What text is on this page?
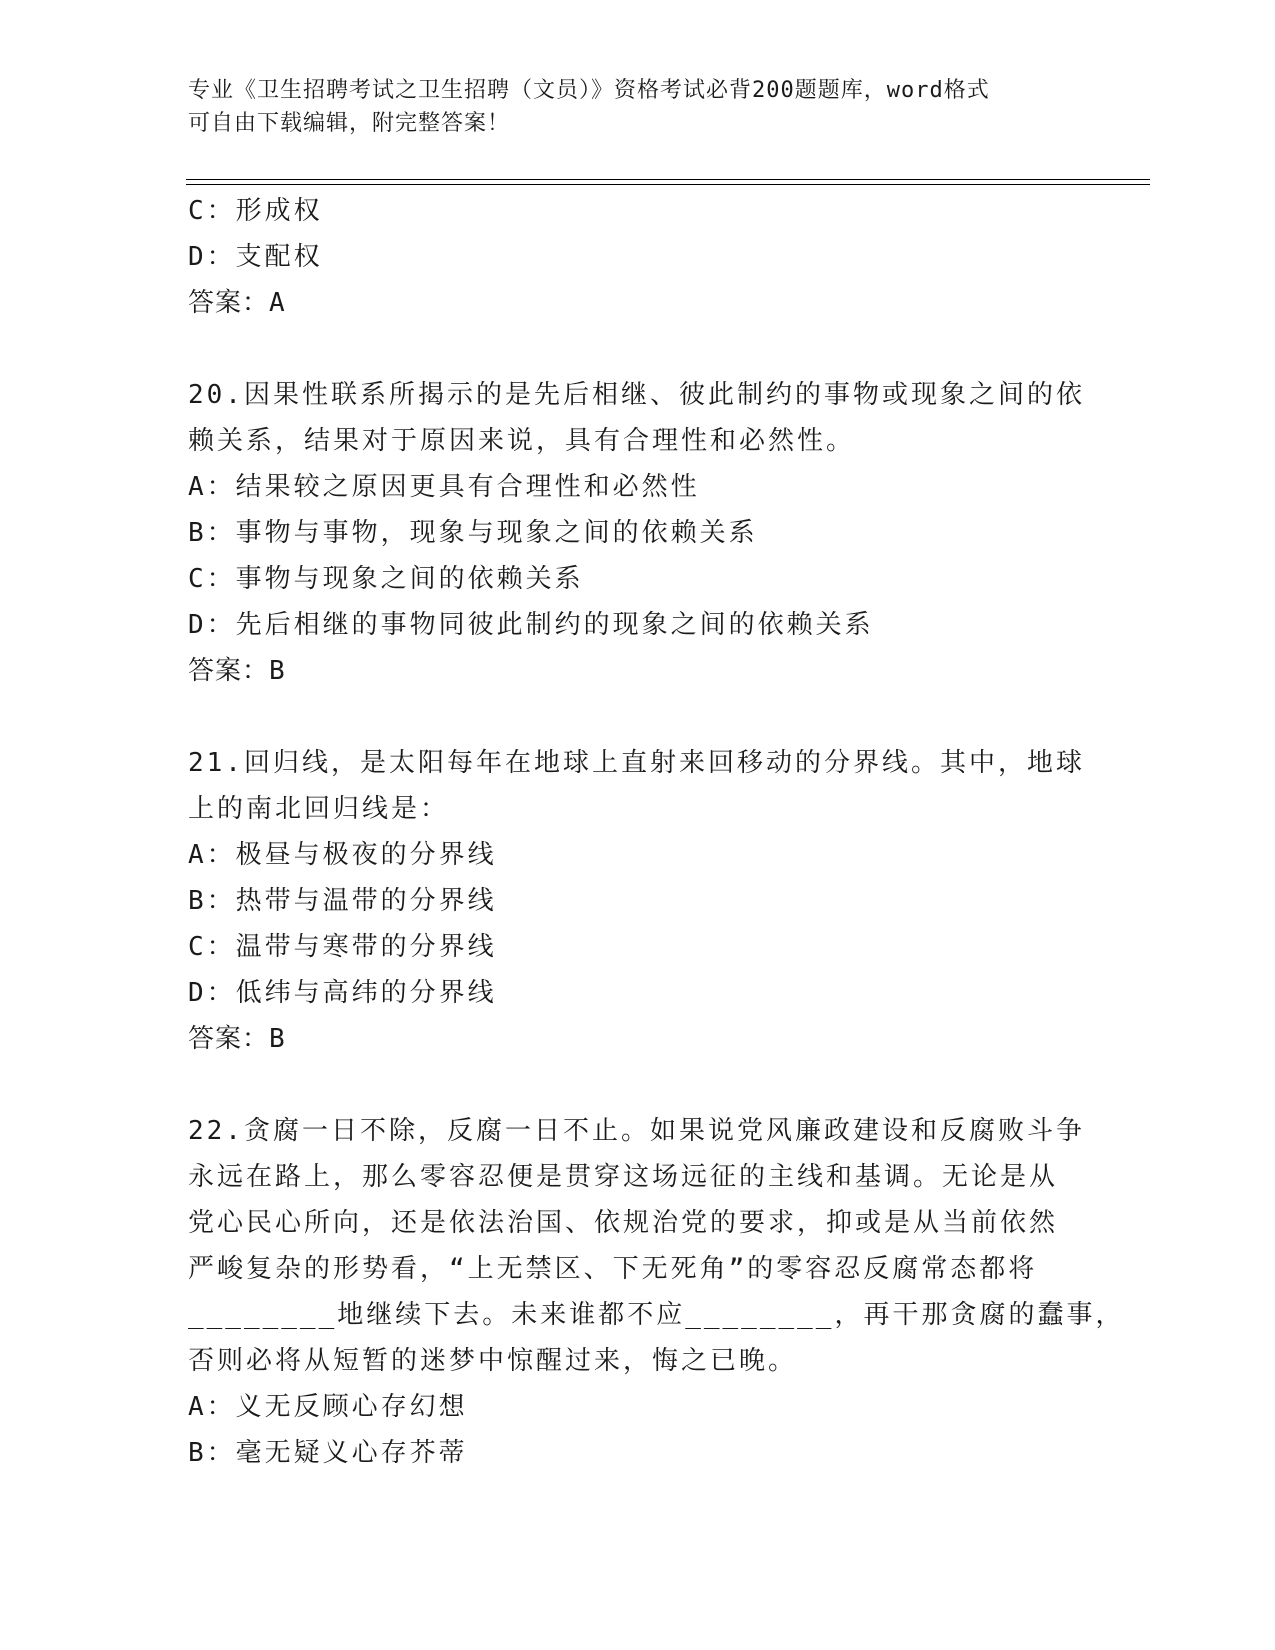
专业《卫生招聘考试之卫生招聘（文员）》资格考试必背200题题库，word格式
可自由下载编辑，附完整答案！
C：形成权
D：支配权
答案：A
20.因果性联系所揭示的是先后相继、彼此制约的事物或现象之间的依
赖关系，结果对于原因来说，具有合理性和必然性。
A：结果较之原因更具有合理性和必然性
B：事物与事物，现象与现象之间的依赖关系
C：事物与现象之间的依赖关系
D：先后相继的事物同彼此制约的现象之间的依赖关系
答案：B
21.回归线，是太阳每年在地球上直射来回移动的分界线。其中，地球
上的南北回归线是：
A：极昼与极夜的分界线
B：热带与温带的分界线
C：温带与寒带的分界线
D：低纬与高纬的分界线
答案：B
22.贪腐一日不除，反腐一日不止。如果说党风廉政建设和反腐败斗争
永远在路上，那么零容忍便是贯穿这场远征的主线和基调。无论是从
党心民心所向，还是依法治国、依规治党的要求，抑或是从当前依然
严峻复杂的形势看，“上无禁区、下无死角”的零容忍反腐常态都将
________地继续下去。未来谁都不应________，再干那贪腐的蠢事，
否则必将从短暂的迷梦中惊醒过来，悔之已晚。
A：义无反顾心存幻想
B：毫无疑义心存芥蒂
